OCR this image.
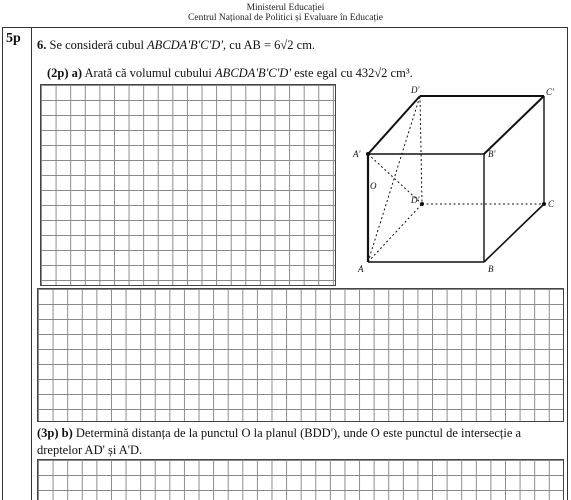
Ministerul Educației
Centrul Național de Politici și Evaluare în Educație
5p 6. Se consideră cubul ABCDA'B'C'D', cu AB = 6√2 cm.
(2p) a) Arată că volumul cubului ABCDA'B'C'D' este egal cu 432√2 cm³.
D'	C'
A'	B'
O
D'	C
A	B
(3p) b) Determină distanța de la punctul O la planul (BDD'), unde O este punctul de intersecție a
dreptelor AD' și A'D.
